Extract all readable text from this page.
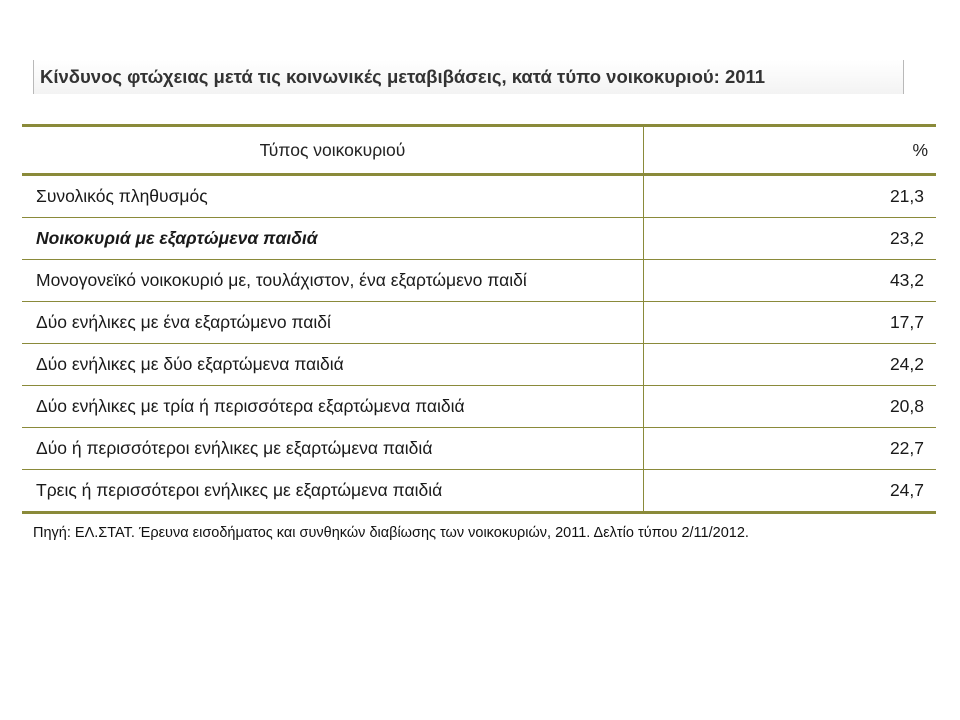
Κίνδυνος φτώχειας μετά τις κοινωνικές μεταβιβάσεις, κατά τύπο νοικοκυριού: 2011
Τύπος νοικοκυριού	%
Συνολικός πληθυσμός	21,3
Νοικοκυριά με εξαρτώμενα παιδιά	23,2
Μονογονεϊκό νοικοκυριό με, τουλάχιστον, ένα εξαρτώμενο παιδί	43,2
Δύο ενήλικες με ένα εξαρτώμενο παιδί	17,7
Δύο ενήλικες με δύο εξαρτώμενα παιδιά	24,2
Δύο ενήλικες με τρία ή περισσότερα εξαρτώμενα παιδιά	20,8
Δύο ή περισσότεροι ενήλικες με εξαρτώμενα παιδιά	22,7
Τρεις ή περισσότεροι ενήλικες με εξαρτώμενα παιδιά	24,7
Πηγή: ΕΛ.ΣΤΑΤ. Έρευνα εισοδήματος και συνθηκών διαβίωσης των νοικοκυριών, 2011. Δελτίο τύπου 2/11/2012.
